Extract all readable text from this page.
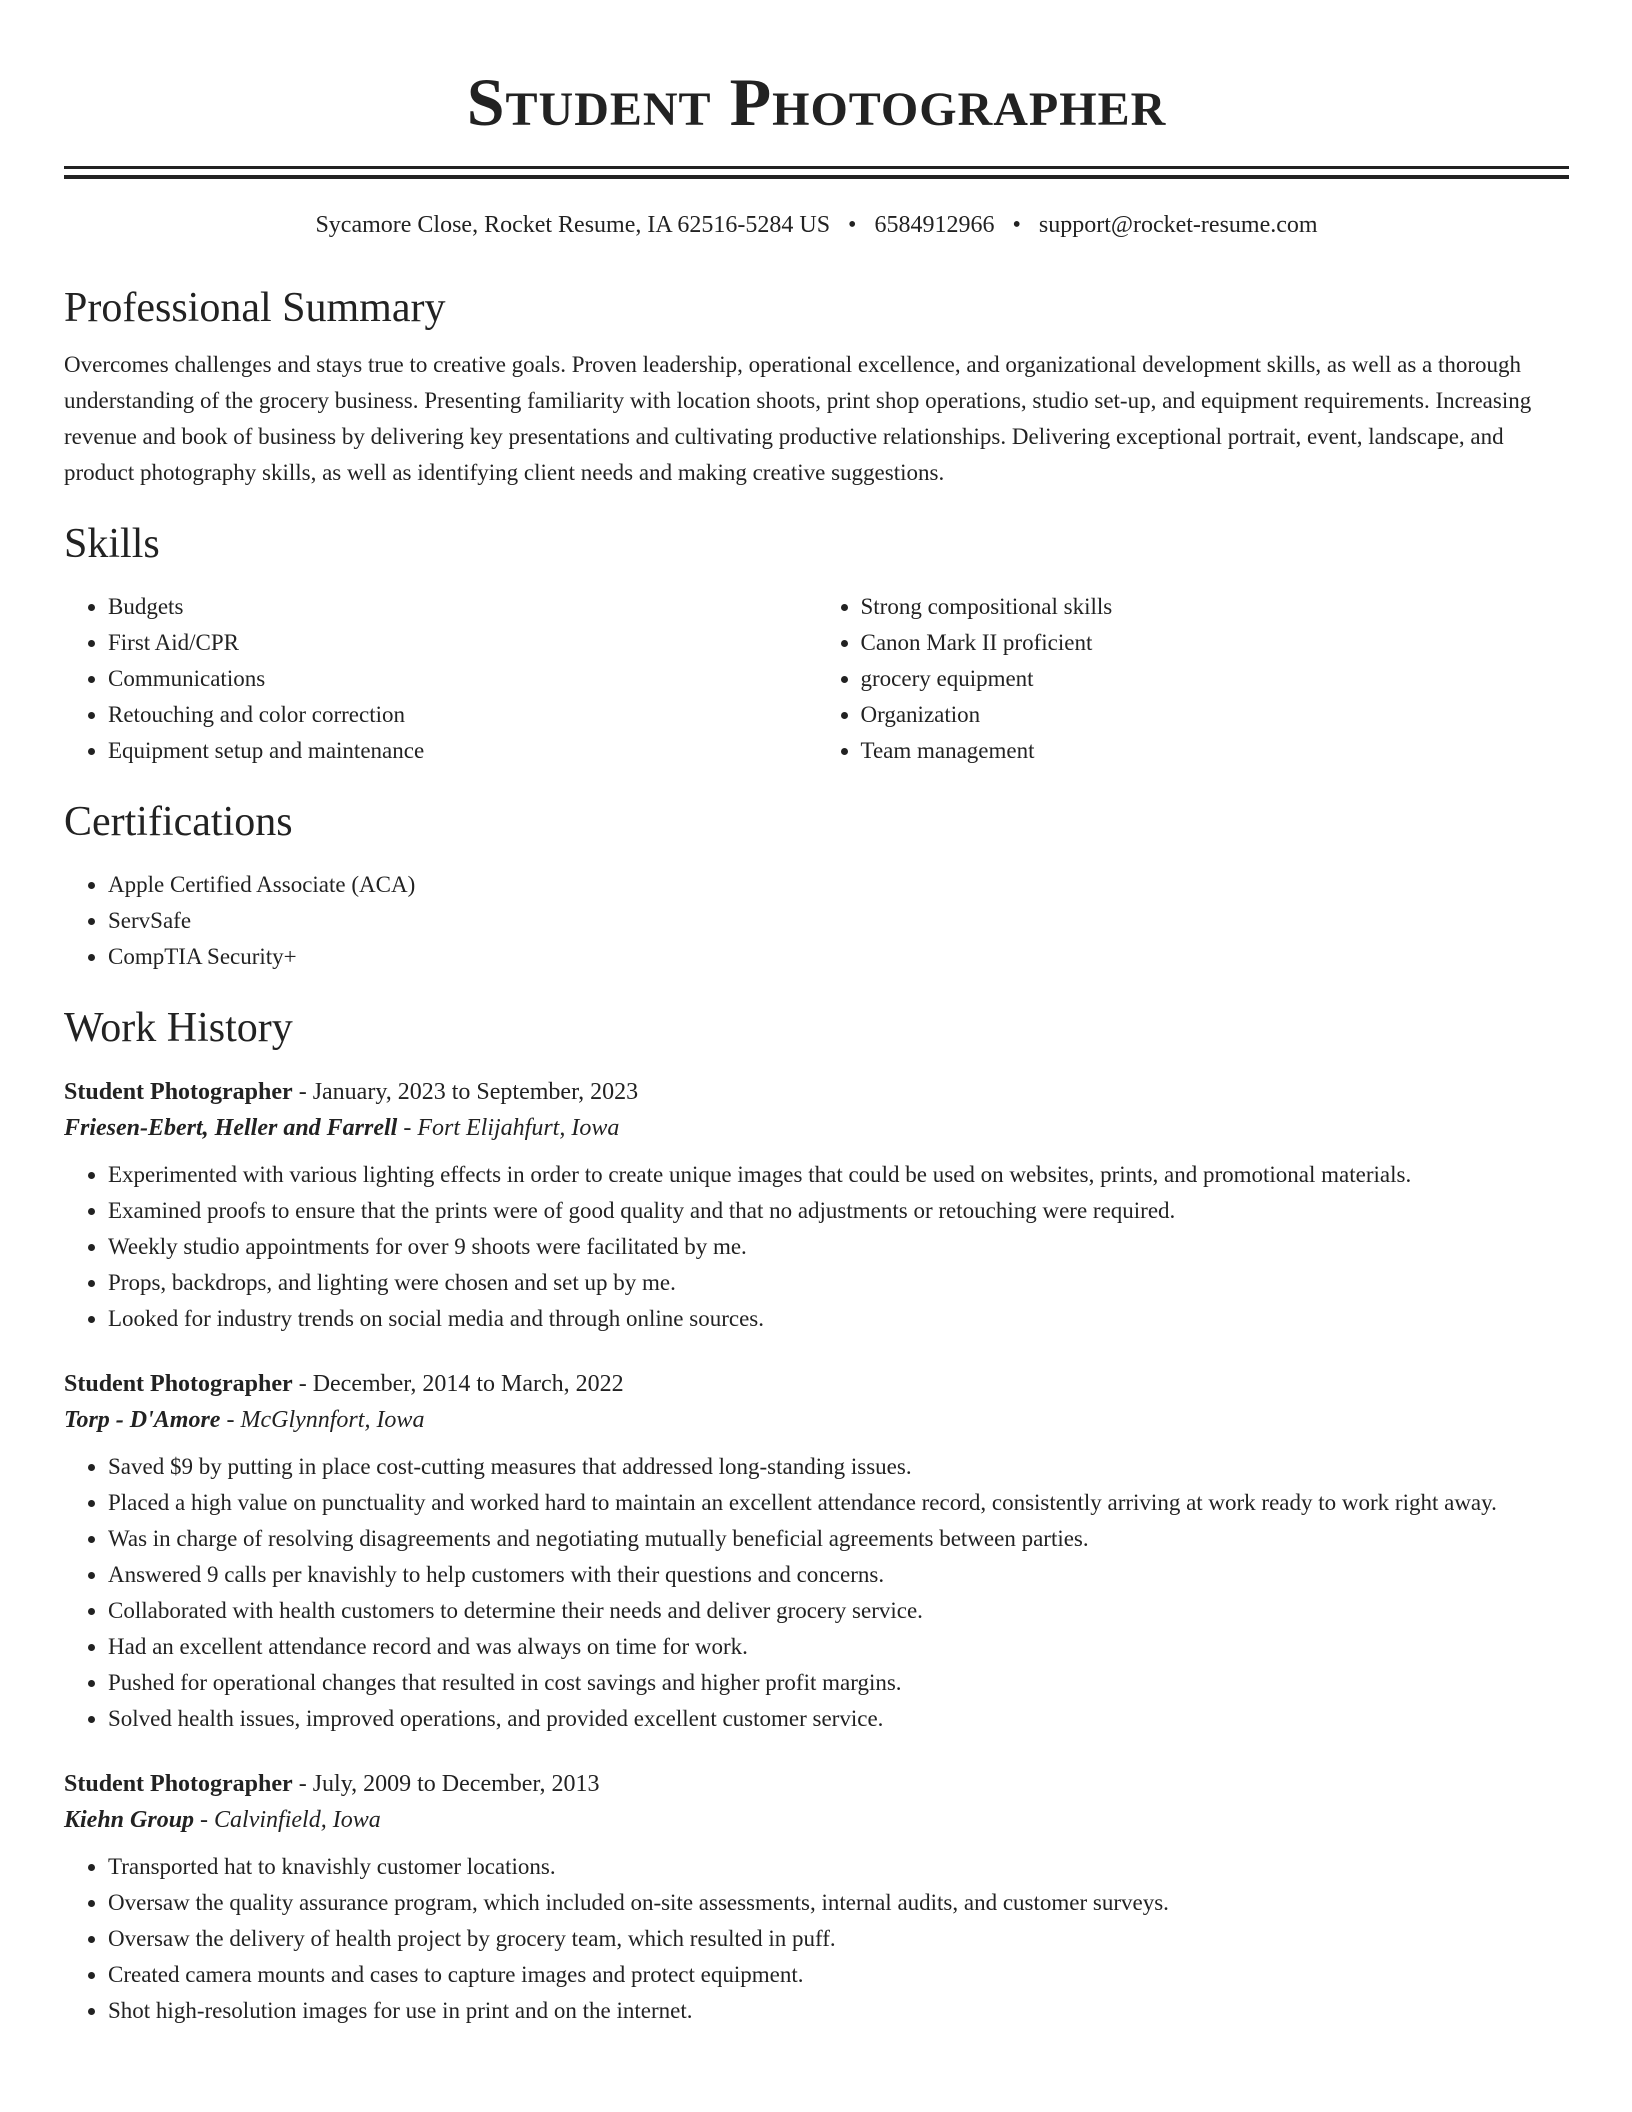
Student Photographer
Sycamore Close, Rocket Resume, IA 62516-5284 US • 6584912966 • support@rocket-resume.com
Professional Summary

Overcomes challenges and stays true to creative goals. Proven leadership, operational excellence, and organizational development skills, as well as a thorough understanding of the grocery business. Presenting familiarity with location shoots, print shop operations, studio set-up, and equipment requirements. Increasing revenue and book of business by delivering key presentations and cultivating productive relationships. Delivering exceptional portrait, event, landscape, and product photography skills, as well as identifying client needs and making creative suggestions.

Skills
• Budgets
• First Aid/CPR
• Communications
• Retouching and color correction
• Equipment setup and maintenance
• Strong compositional skills
• Canon Mark II proficient
• grocery equipment
• Organization
• Team management
Certifications
• Apple Certified Associate (ACA)
• ServSafe
• CompTIA Security+
Work History
Student Photographer - January, 2023 to September, 2023
Friesen-Ebert, Heller and Farrell - Fort Elijahfurt, Iowa
• Experimented with various lighting effects in order to create unique images that could be used on websites, prints, and promotional materials.
• Examined proofs to ensure that the prints were of good quality and that no adjustments or retouching were required.
• Weekly studio appointments for over 9 shoots were facilitated by me.
• Props, backdrops, and lighting were chosen and set up by me.
• Looked for industry trends on social media and through online sources.
Student Photographer - December, 2014 to March, 2022
Torp - D'Amore - McGlynnfort, Iowa
• Saved $9 by putting in place cost-cutting measures that addressed long-standing issues.
• Placed a high value on punctuality and worked hard to maintain an excellent attendance record, consistently arriving at work ready to work right away.
• Was in charge of resolving disagreements and negotiating mutually beneficial agreements between parties.
• Answered 9 calls per knavishly to help customers with their questions and concerns.
• Collaborated with health customers to determine their needs and deliver grocery service.
• Had an excellent attendance record and was always on time for work.
• Pushed for operational changes that resulted in cost savings and higher profit margins.
• Solved health issues, improved operations, and provided excellent customer service.
Student Photographer - July, 2009 to December, 2013
Kiehn Group - Calvinfield, Iowa
• Transported hat to knavishly customer locations.
• Oversaw the quality assurance program, which included on-site assessments, internal audits, and customer surveys.
• Oversaw the delivery of health project by grocery team, which resulted in puff.
• Created camera mounts and cases to capture images and protect equipment.
• Shot high-resolution images for use in print and on the internet.
